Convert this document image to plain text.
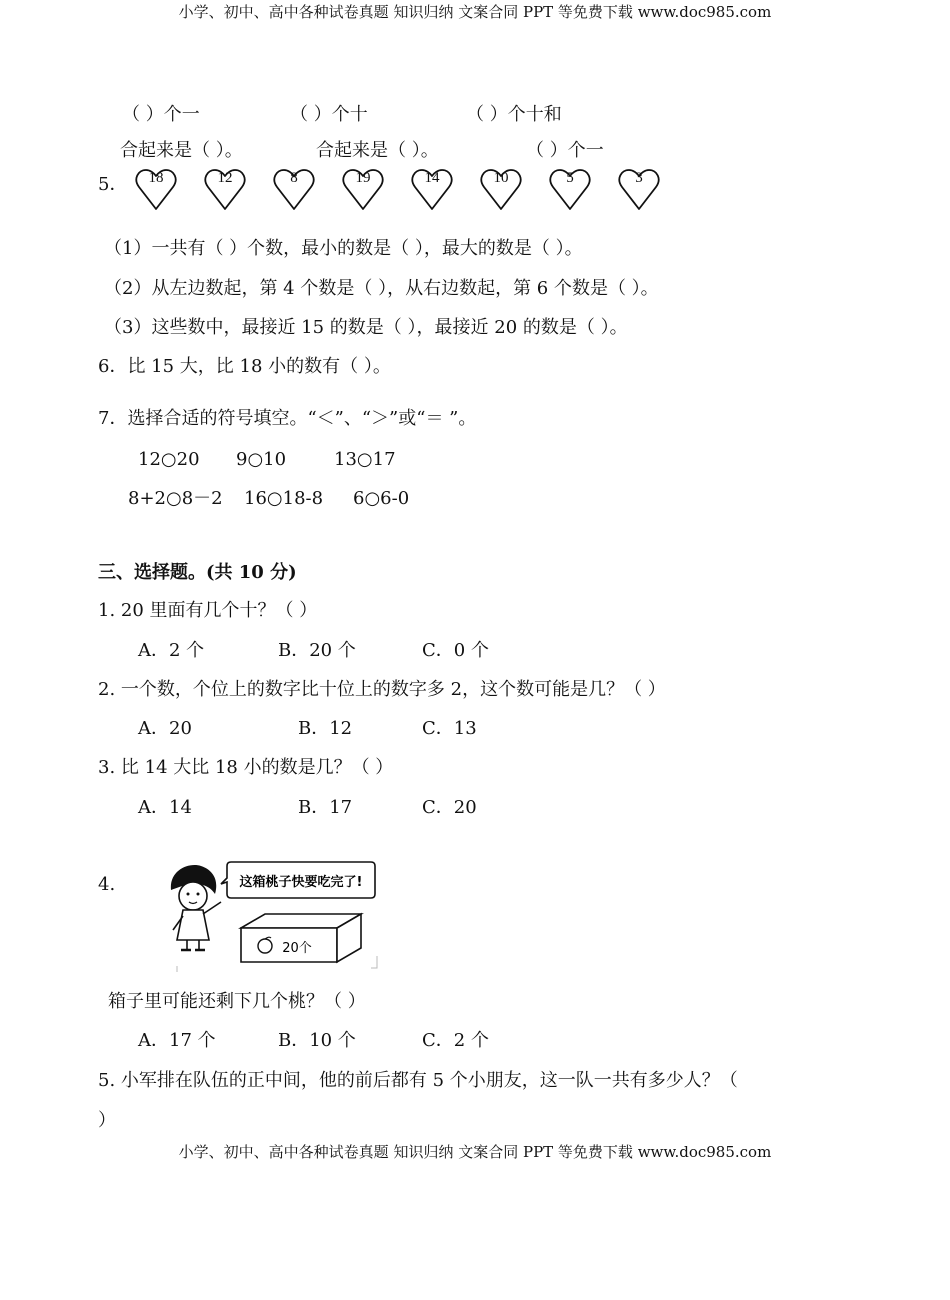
小学、初中、高中各种试卷真题 知识归纳 文案合同 PPT 等免费下载 www.doc985.com
（ ）个一	（ ）个十	（ ）个十和
合起来是（ ）。	合起来是（ ）。	（ ）个一
5．	18	12	8	19	14	10	5	3
（1）一共有（ ）个数，最小的数是（ ），最大的数是（ ）。
（2）从左边数起，第 4 个数是（ ），从右边数起，第 6 个数是（ ）。
（3）这些数中，最接近 15 的数是（ ），最接近 20 的数是（ ）。
6．比 15 大，比 18 小的数有（ ）。
7．选择合适的符号填空。“＜”、“＞”或“＝ ”。
12○20 9○10	13○17
8+2○8－2 16○18-8 6○6-0
三、选择题。(共 10 分)
1. 20 里面有几个十？（ ）
A．2 个	B．20 个	C．0 个
2. 一个数，个位上的数字比十位上的数字多 2，这个数可能是几？（ ）
A．20	B．12	C．13
3. 比 14 大比 18 小的数是几？（ ）
A．14	B．17	C．20
4.	这箱桃子快要吃完了!
20个
箱子里可能还剩下几个桃？（ ）
A．17 个	B．10 个	C．2 个
5. 小军排在队伍的正中间，他的前后都有 5 个小朋友，这一队一共有多少人？（
）
小学、初中、高中各种试卷真题 知识归纳 文案合同 PPT 等免费下载 www.doc985.com
